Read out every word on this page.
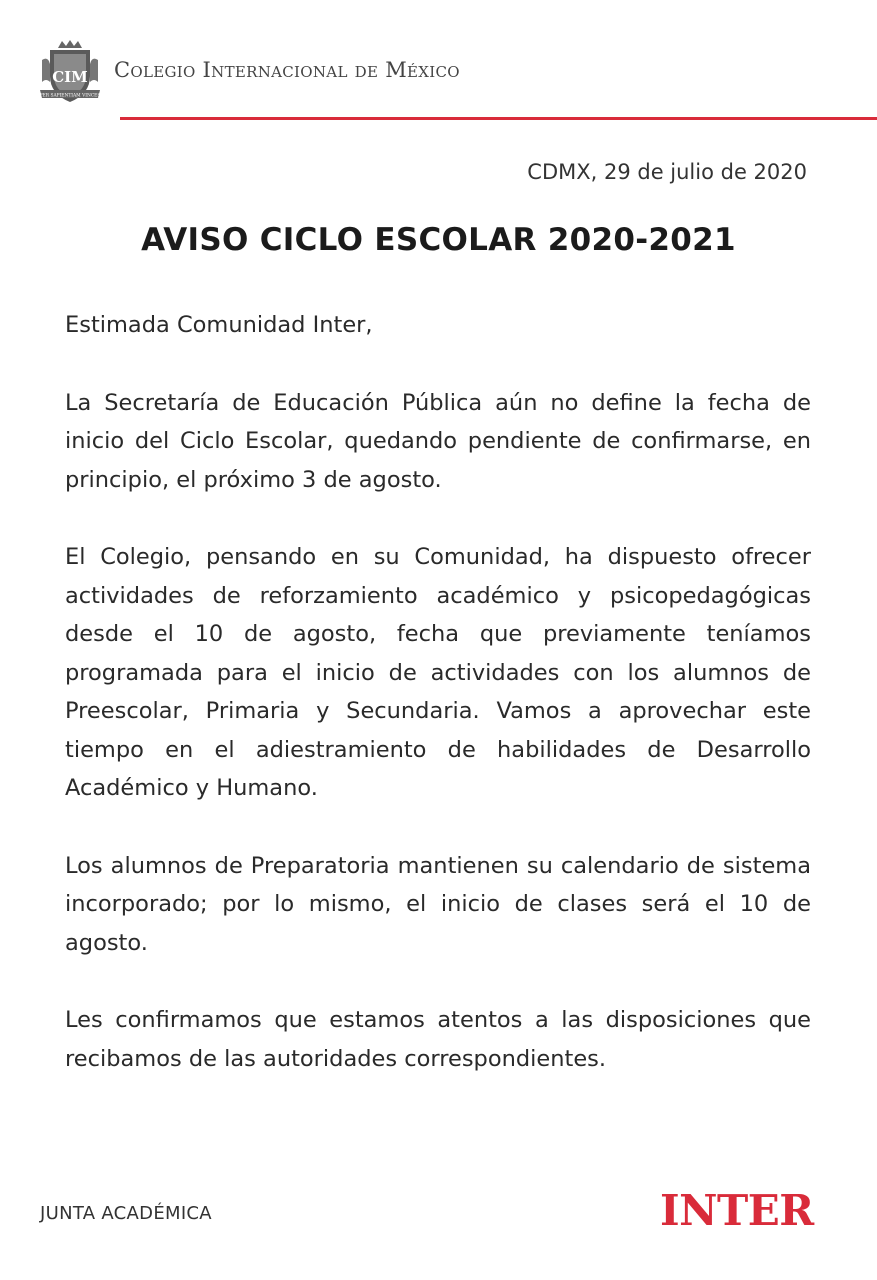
CIM
PER SAPIENTIAM VINCES
Colegio Internacional de México
CDMX, 29 de julio de 2020
AVISO CICLO ESCOLAR 2020-2021

Estimada Comunidad Inter,

La Secretaría de Educación Pública aún no define la fecha de inicio del Ciclo Escolar, quedando pendiente de confirmarse, en principio, el próximo 3 de agosto.

El Colegio, pensando en su Comunidad, ha dispuesto ofrecer actividades de reforzamiento académico y psicopedagógicas desde el 10 de agosto, fecha que previamente teníamos programada para el inicio de actividades con los alumnos de Preescolar, Primaria y Secundaria. Vamos a aprovechar este tiempo en el adiestramiento de habilidades de Desarrollo Académico y Humano.

Los alumnos de Preparatoria mantienen su calendario de sistema incorporado; por lo mismo, el inicio de clases será el 10 de agosto.

Les confirmamos que estamos atentos a las disposiciones que recibamos de las autoridades correspondientes.

JUNTA ACADÉMICA	INTER
